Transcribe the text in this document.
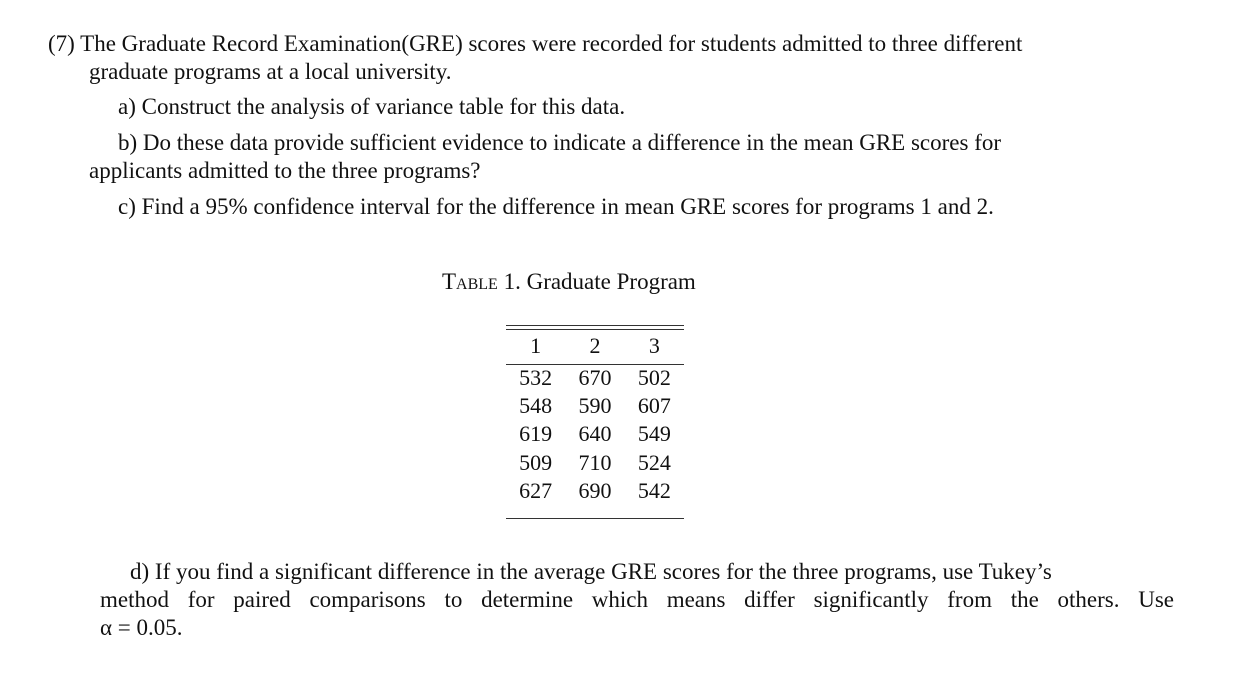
(7) The Graduate Record Examination(GRE) scores were recorded for students admitted to three different
graduate programs at a local university.
a) Construct the analysis of variance table for this data.
b) Do these data provide sufficient evidence to indicate a difference in the mean GRE scores for
applicants admitted to the three programs?
c) Find a 95% confidence interval for the difference in mean GRE scores for programs 1 and 2.
Table 1. Graduate Program
1	2	3
532	670	502
548	590	607
619	640	549
509	710	524
627	690	542
d) If you find a significant difference in the average GRE scores for the three programs, use Tukey’s
method for paired comparisons to determine which means differ significantly from the others. Use
α = 0.05.
